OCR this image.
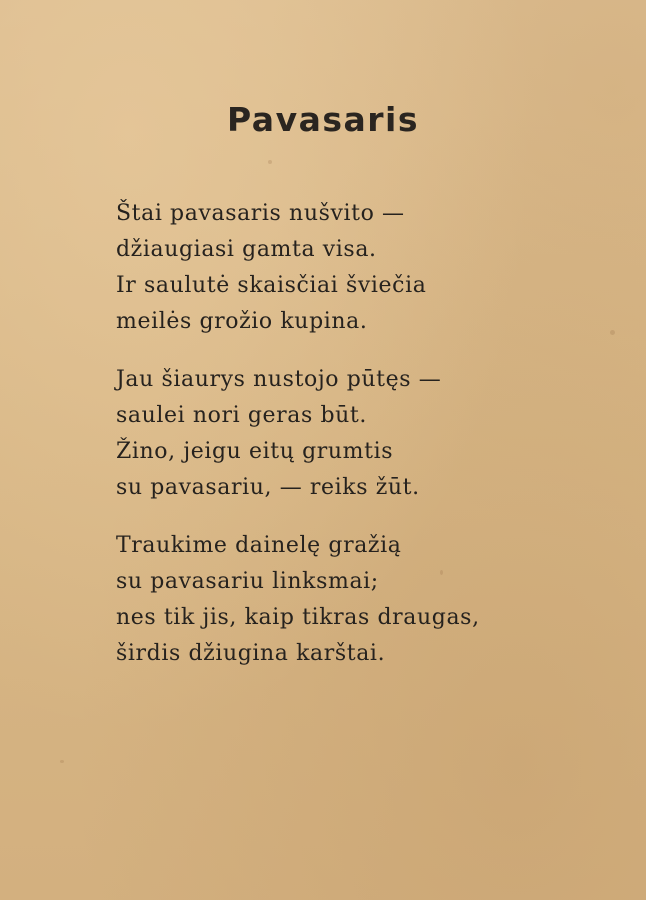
Pavasaris
Štai pavasaris nušvito —
džiaugiasi gamta visa.
Ir saulutė skaisčiai šviečia
meilės grožio kupina.
Jau šiaurys nustojo pūtęs —
saulei nori geras būt.
Žino, jeigu eitų grumtis
su pavasariu, — reiks žūt.
Traukime dainelę gražią
su pavasariu linksmai;
nes tik jis, kaip tikras draugas,
širdis džiugina karštai.
